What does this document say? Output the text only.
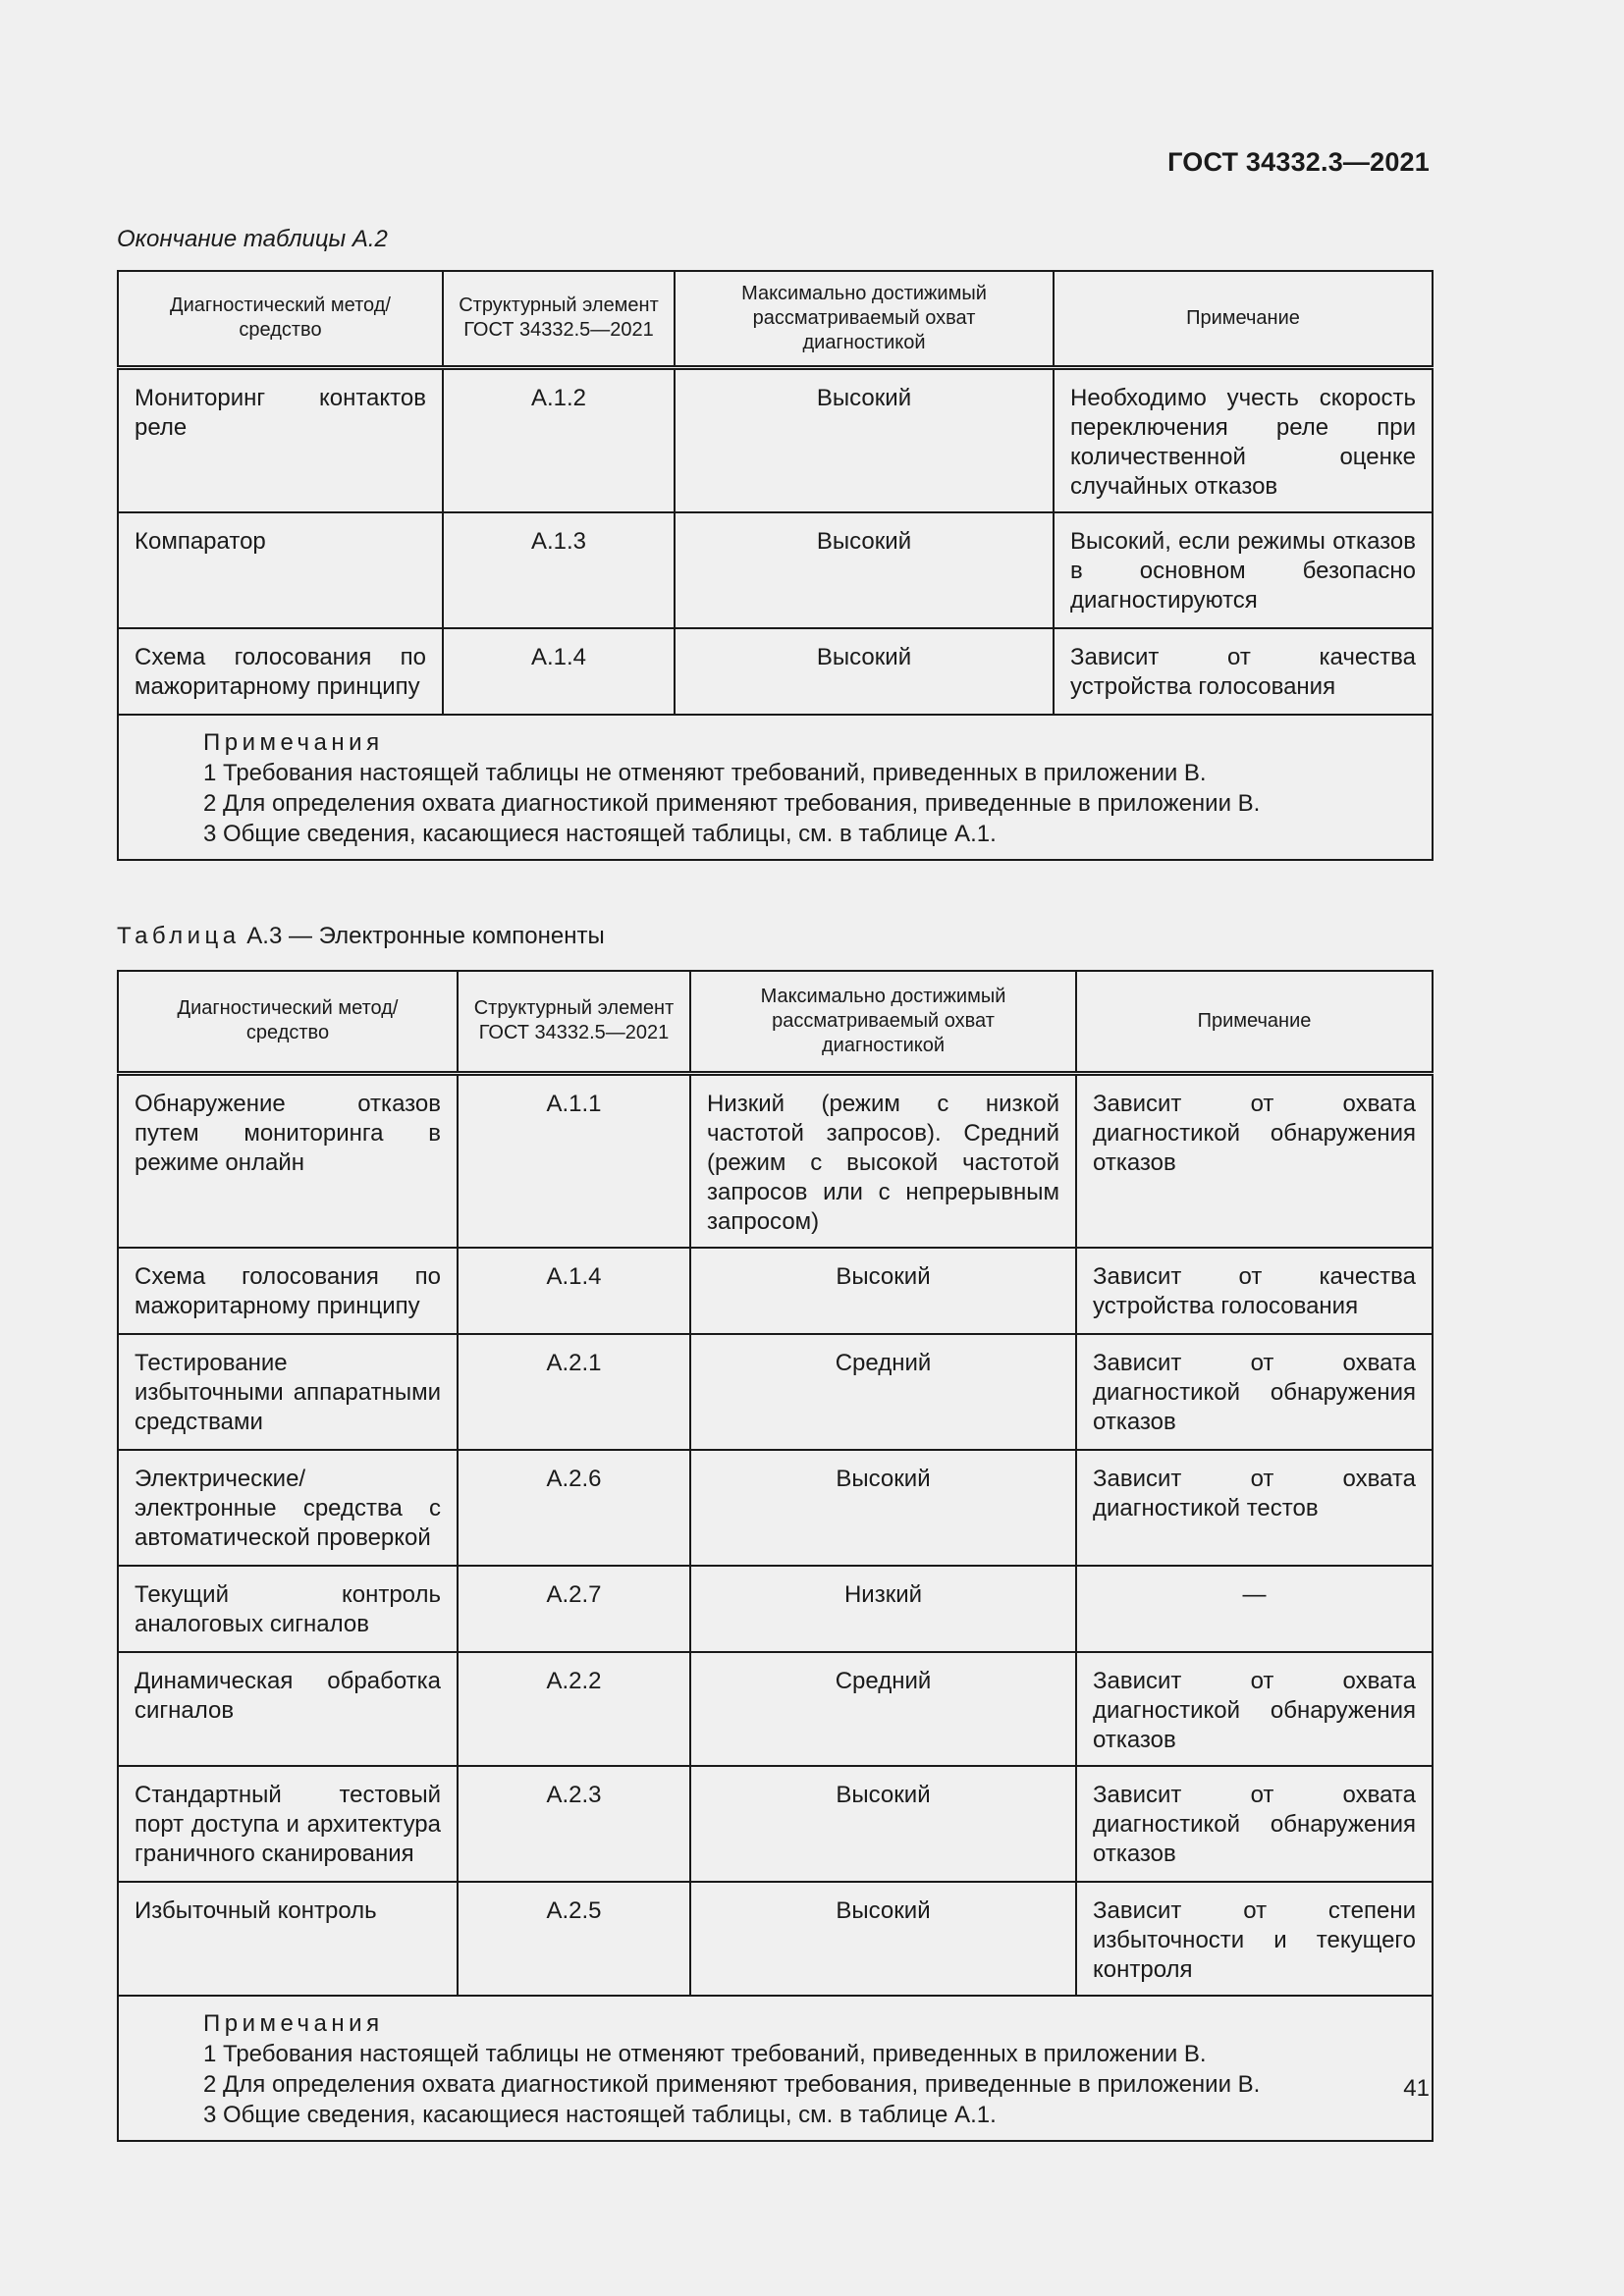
ГОСТ 34332.3—2021
Окончание таблицы А.2
Диагностический метод/средство	Структурный элемент ГОСТ 34332.5—2021	Максимально достижимый рассматриваемый охват диагностикой	Примечание

Мониторинг контактов реле	А.1.2	Высокий	Необходимо учесть скорость переключения реле при количественной оценке случайных отказов

Компаратор	А.1.3	Высокий	Высокий, если режимы отказов в основном безопасно диагностируются

Схема голосования по мажоритарному принципу	А.1.4	Высокий	Зависит от качества устройства голосования

Примечания
1 Требования настоящей таблицы не отменяют требований, приведенных в приложении В.
2 Для определения охвата диагностикой применяют требования, приведенные в приложении В.
3 Общие сведения, касающиеся настоящей таблицы, см. в таблице А.1.			
Таблица А.3 — Электронные компоненты
Диагностический метод/средство	Структурный элемент ГОСТ 34332.5—2021	Максимально достижимый рассматриваемый охват диагностикой	Примечание

Обнаружение отказов путем мониторинга в режиме онлайн	А.1.1	Низкий (режим с низкой частотой запросов). Средний (режим с высокой частотой запросов или с непрерывным запросом)	Зависит от охвата диагностикой обнаружения отказов

Схема голосования по мажоритарному принципу	А.1.4	Высокий	Зависит от качества устройства голосования

Тестирование избыточными аппаратными средствами	А.2.1	Средний	Зависит от охвата диагностикой обнаружения отказов

Электрические/электронные средства с автоматической проверкой	А.2.6	Высокий	Зависит от охвата диагностикой тестов

Текущий контроль аналоговых сигналов	А.2.7	Низкий	—

Динамическая обработка сигналов	А.2.2	Средний	Зависит от охвата диагностикой обнаружения отказов

Стандартный тестовый порт доступа и архитектура граничного сканирования	А.2.3	Высокий	Зависит от охвата диагностикой обнаружения отказов

Избыточный контроль	А.2.5	Высокий	Зависит от степени избыточности и текущего контроля

Примечания
1 Требования настоящей таблицы не отменяют требований, приведенных в приложении В.
2 Для определения охвата диагностикой применяют требования, приведенные в приложении В.
3 Общие сведения, касающиеся настоящей таблицы, см. в таблице А.1.			
41
